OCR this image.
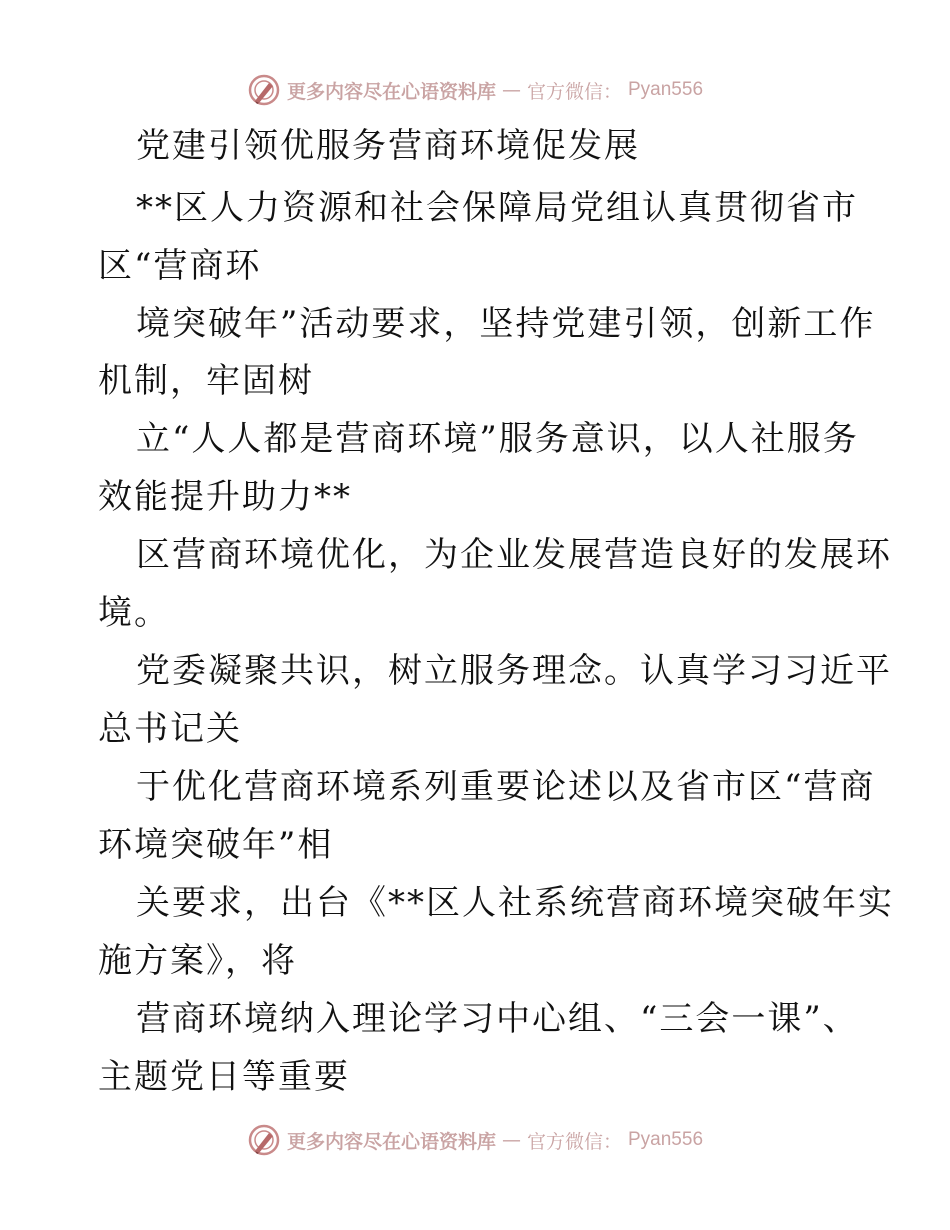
更多内容尽在心语资料库 — 官方微信： Pyan556
党建引领优服务营商环境促发展
**区人力资源和社会保障局党组认真贯彻省市
区“营商环
境突破年”活动要求，坚持党建引领，创新工作
机制，牢固树
立“人人都是营商环境”服务意识，以人社服务
效能提升助力**
区营商环境优化，为企业发展营造良好的发展环
境。
党委凝聚共识，树立服务理念。认真学习习近平
总书记关
于优化营商环境系列重要论述以及省市区“营商
环境突破年”相
关要求，出台《**区人社系统营商环境突破年实
施方案》，将
营商环境纳入理论学习中心组、“三会一课”、
主题党日等重要
更多内容尽在心语资料库 — 官方微信： Pyan556
